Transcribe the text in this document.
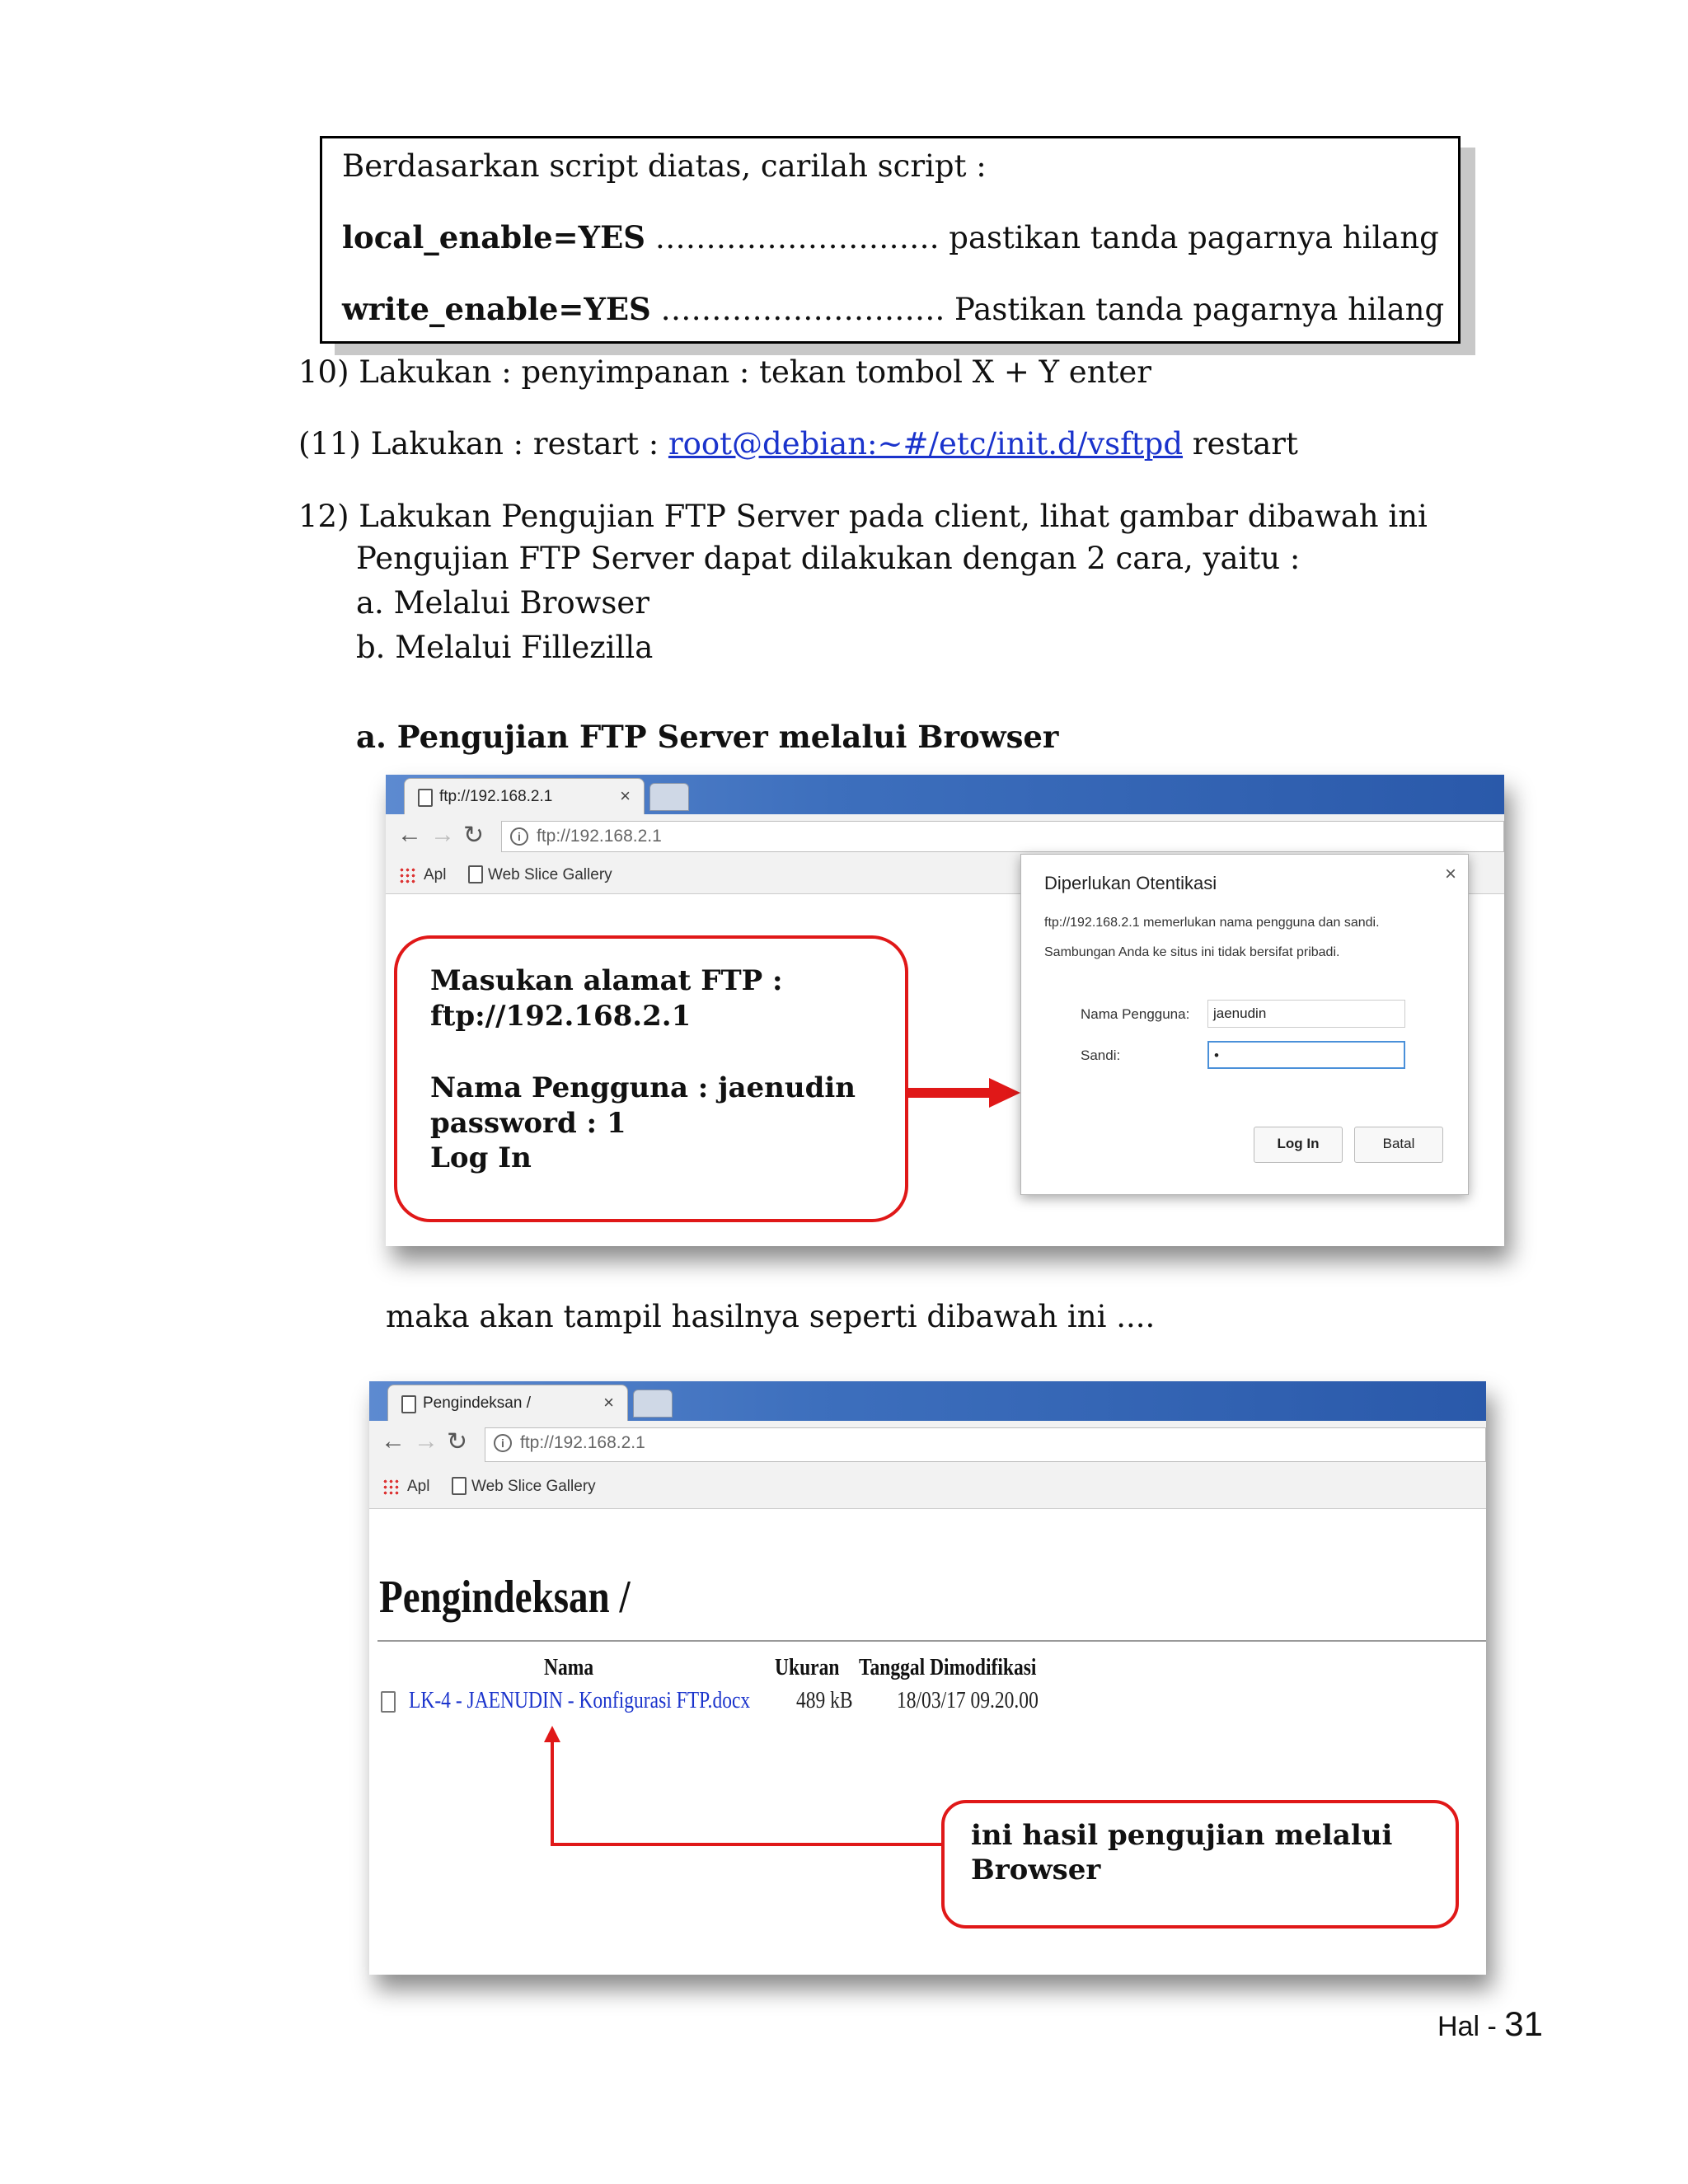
Berdasarkan script diatas, carilah script :
local_enable=YES ………………………. pastikan tanda pagarnya hilang
write_enable=YES ………………………. Pastikan tanda pagarnya hilang
10) Lakukan : penyimpanan : tekan tombol X + Y enter
(11) Lakukan : restart : root@debian:~#/etc/init.d/vsftpd restart
12) Lakukan Pengujian FTP Server pada client, lihat gambar dibawah ini
Pengujian FTP Server dapat dilakukan dengan 2 cara, yaitu :
a. Melalui Browser
b. Melalui Fillezilla
a. Pengujian FTP Server melalui Browser
ftp://192.168.2.1	×
← → ↻	i ftp://192.168.2.1
Apl	Web Slice Gallery
Masukan alamat FTP :
ftp://192.168.2.1
Nama Pengguna : jaenudin
password : 1
Log In
Diperlukan Otentikasi	×
ftp://192.168.2.1 memerlukan nama pengguna dan sandi.
Sambungan Anda ke situs ini tidak bersifat pribadi.
Nama Pengguna:	jaenudin
Sandi:	•
Log In	Batal
maka akan tampil hasilnya seperti dibawah ini ....
Pengindeksan /	×
← → ↻	i ftp://192.168.2.1
Apl	Web Slice Gallery
Pengindeksan /
Nama	Ukuran Tanggal Dimodifikasi
LK-4 - JAENUDIN - Konfigurasi FTP.docx 489 kB 18/03/17 09.20.00
ini hasil pengujian melalui
Browser
Hal - 31
